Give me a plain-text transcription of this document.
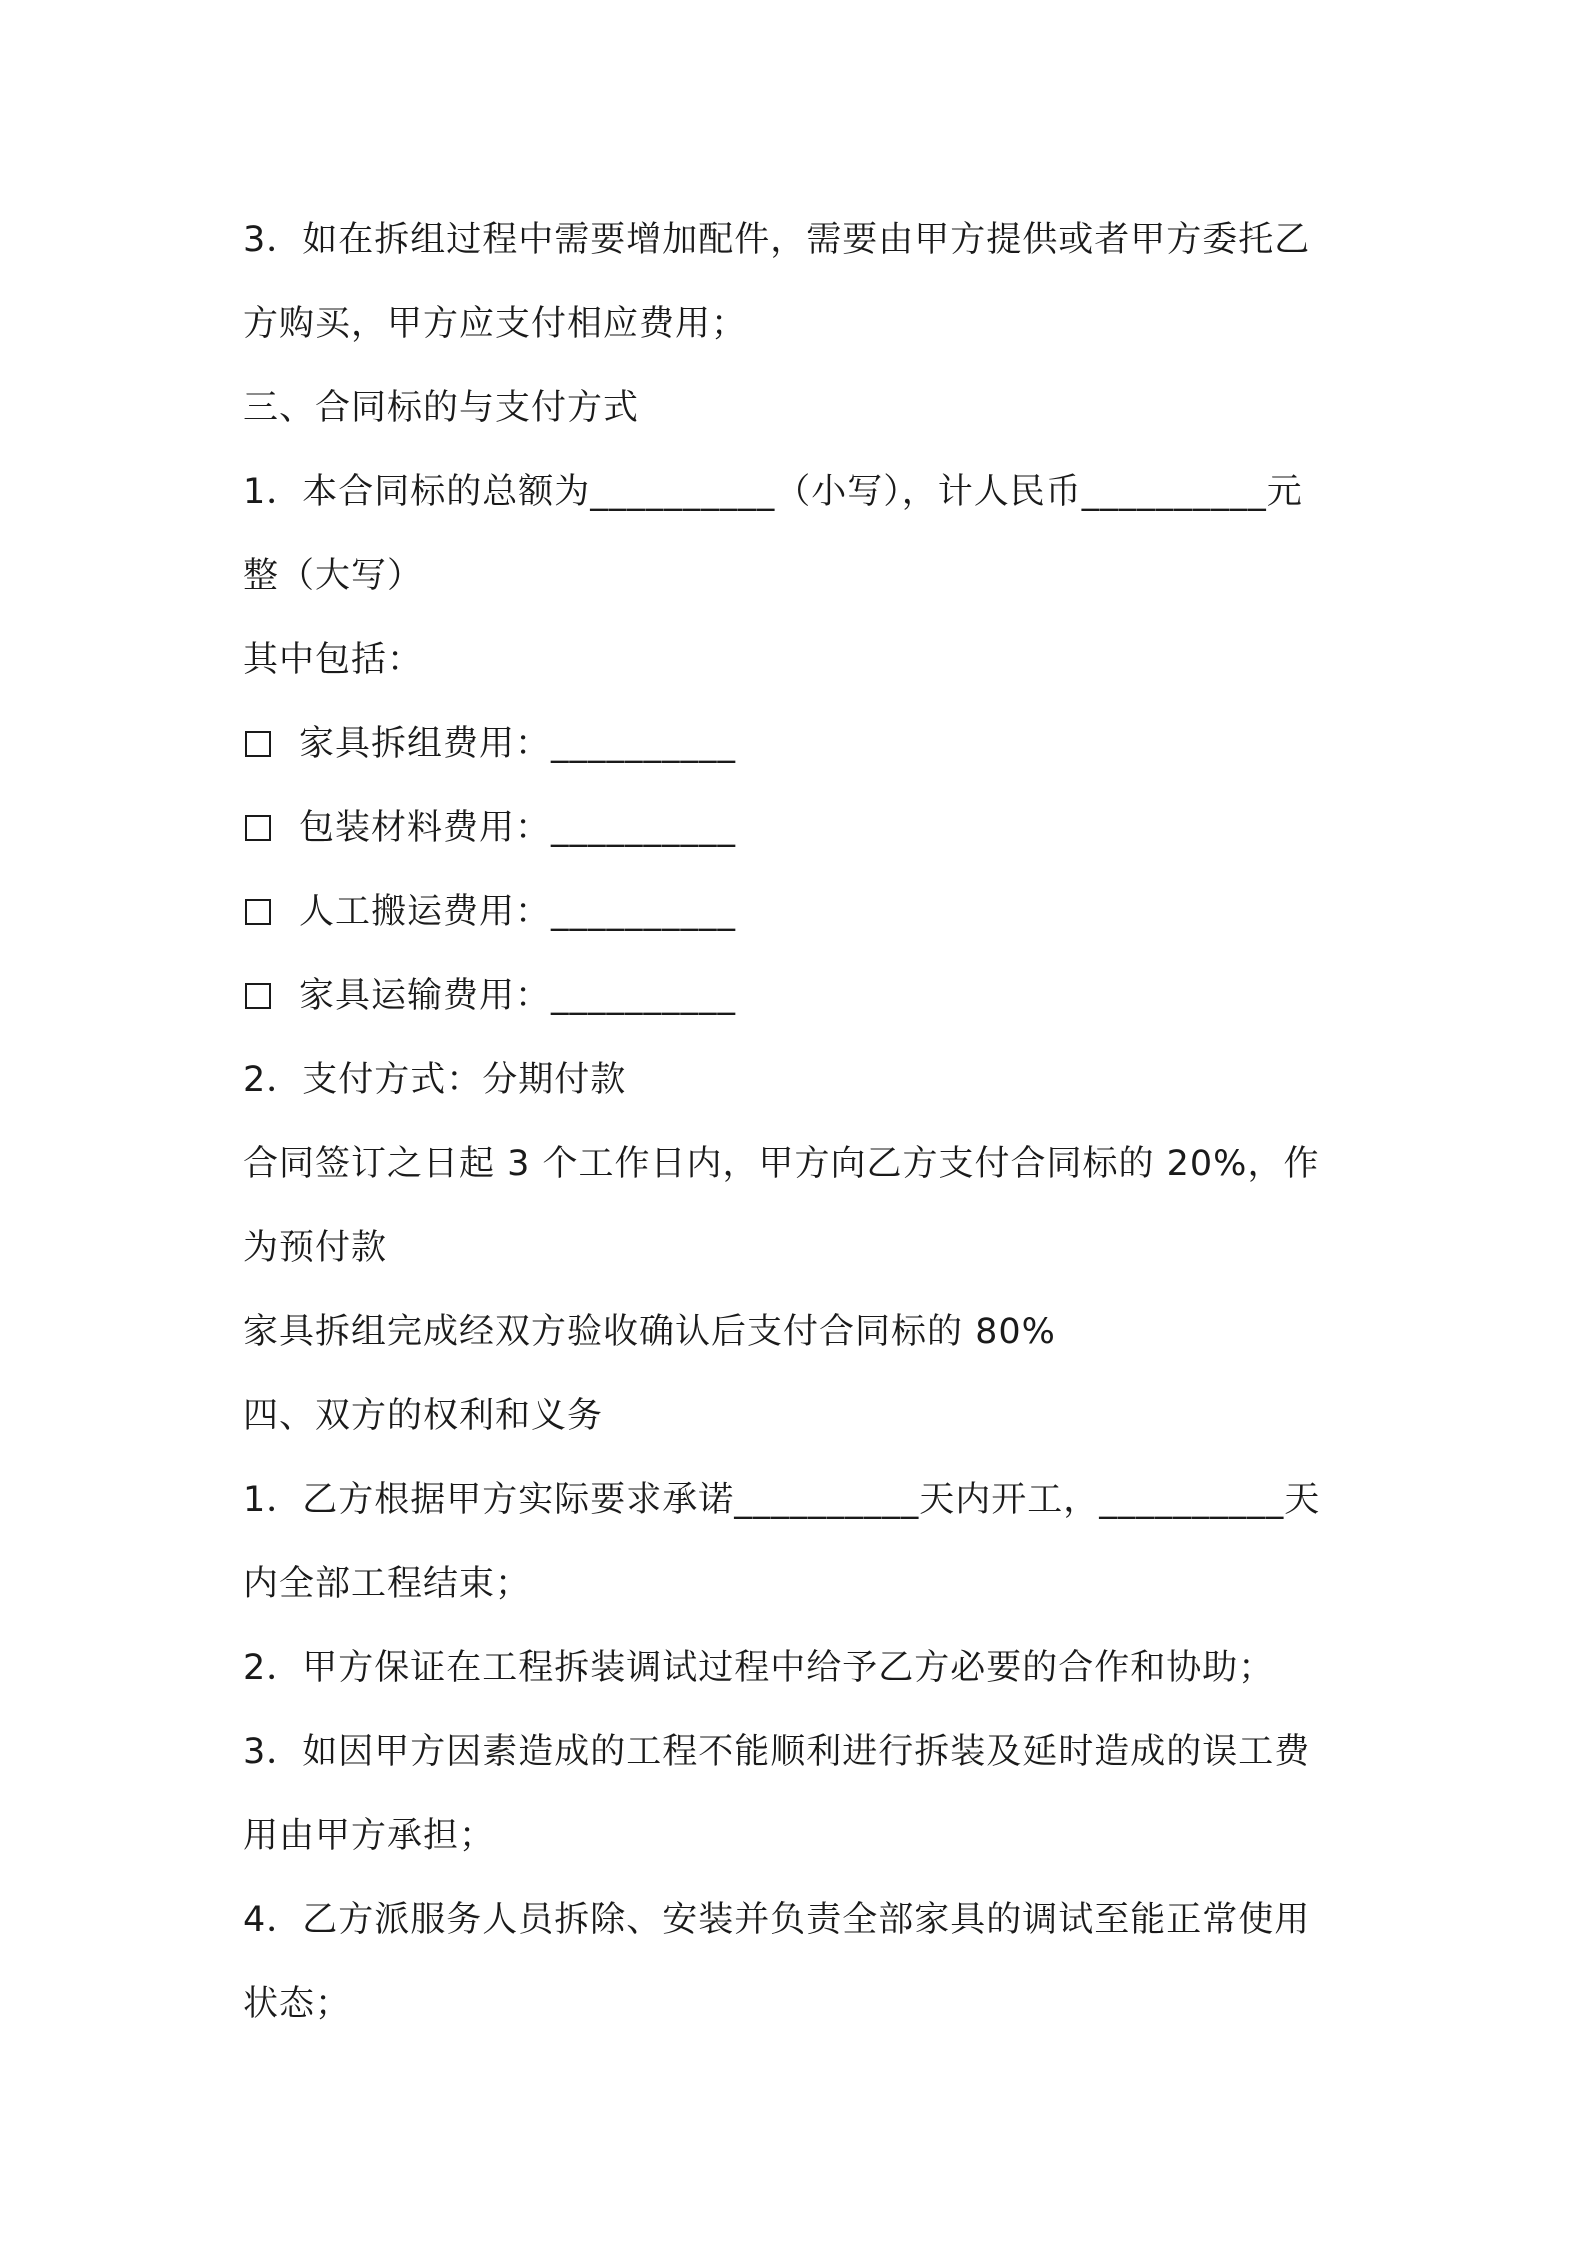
3．如在拆组过程中需要增加配件，需要由甲方提供或者甲方委托乙
方购买，甲方应支付相应费用；
三、合同标的与支付方式
1．本合同标的总额为__________（小写），计人民币__________元
整（大写）
其中包括：
家具拆组费用：__________
包装材料费用：__________
人工搬运费用：__________
家具运输费用：__________
2．支付方式：分期付款
合同签订之日起 3 个工作日内，甲方向乙方支付合同标的 20%，作
为预付款
家具拆组完成经双方验收确认后支付合同标的 80%
四、双方的权利和义务
1．乙方根据甲方实际要求承诺__________天内开工，__________天
内全部工程结束；
2．甲方保证在工程拆装调试过程中给予乙方必要的合作和协助；
3．如因甲方因素造成的工程不能顺利进行拆装及延时造成的误工费
用由甲方承担；
4．乙方派服务人员拆除、安装并负责全部家具的调试至能正常使用
状态；
